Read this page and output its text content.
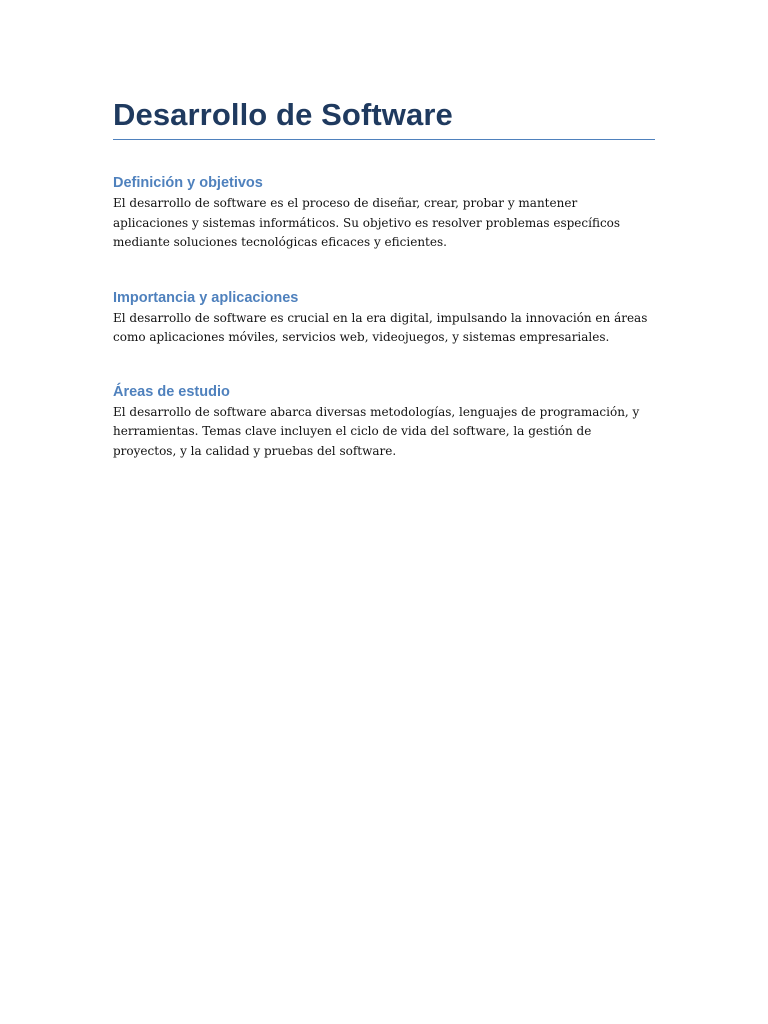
Desarrollo de Software
Definición y objetivos

El desarrollo de software es el proceso de diseñar, crear, probar y mantener aplicaciones y sistemas informáticos. Su objetivo es resolver problemas específicos mediante soluciones tecnológicas eficaces y eficientes.

Importancia y aplicaciones

El desarrollo de software es crucial en la era digital, impulsando la innovación en áreas como aplicaciones móviles, servicios web, videojuegos, y sistemas empresariales.

Áreas de estudio

El desarrollo de software abarca diversas metodologías, lenguajes de programación, y herramientas. Temas clave incluyen el ciclo de vida del software, la gestión de proyectos, y la calidad y pruebas del software.
